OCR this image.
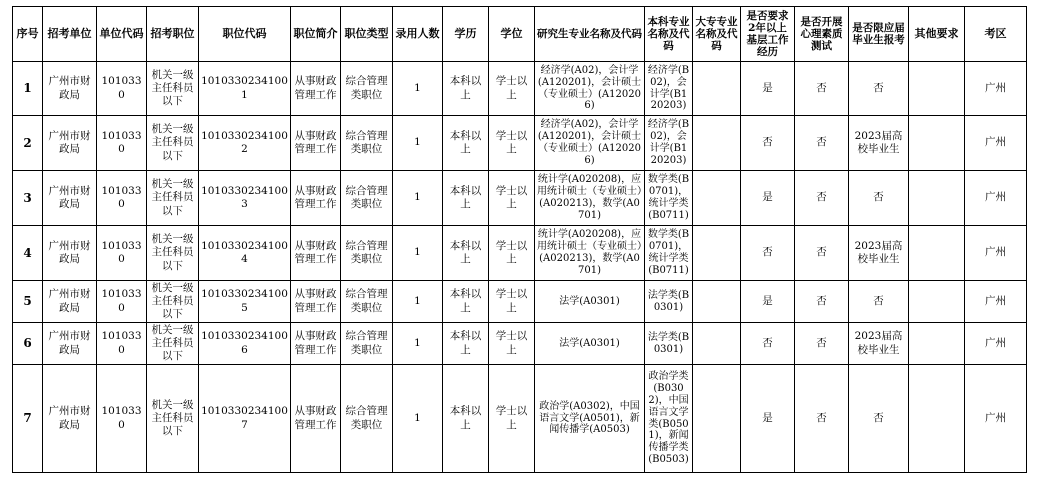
序号	招考单位	单位代码	招考职位	职位代码	职位简介	职位类型	录用人数	学历	学位	研究生专业名称及代码	本科专业名称及代码	大专专业名称及代码	是否要求2年以上基层工作经历	是否开展心理素质测试	是否限应届毕业生报考	其他要求	考区
1	广州市财政局	1010330	机关一级主任科员以下	10103302341001	从事财政管理工作	综合管理类职位	1	本科以上	学士以上	经济学(A02)，会计学(A120201)，会计硕士（专业硕士）(A120206)	经济学(B02)，会计学(B120203)		是	否	否		广州
2	广州市财政局	1010330	机关一级主任科员以下	10103302341002	从事财政管理工作	综合管理类职位	1	本科以上	学士以上	经济学(A02)，会计学(A120201)，会计硕士（专业硕士）(A120206)	经济学(B02)，会计学(B120203)		否	否	2023届高校毕业生		广州
3	广州市财政局	1010330	机关一级主任科员以下	10103302341003	从事财政管理工作	综合管理类职位	1	本科以上	学士以上	统计学(A020208)，应用统计硕士（专业硕士）(A020213)，数学(A0701)	数学类(B0701)，统计学类(B0711)		是	否	否		广州
4	广州市财政局	1010330	机关一级主任科员以下	10103302341004	从事财政管理工作	综合管理类职位	1	本科以上	学士以上	统计学(A020208)，应用统计硕士（专业硕士）(A020213)，数学(A0701)	数学类(B0701)，统计学类(B0711)		否	否	2023届高校毕业生		广州
5	广州市财政局	1010330	机关一级主任科员以下	10103302341005	从事财政管理工作	综合管理类职位	1	本科以上	学士以上	法学(A0301)	法学类(B0301)		是	否	否		广州
6	广州市财政局	1010330	机关一级主任科员以下	10103302341006	从事财政管理工作	综合管理类职位	1	本科以上	学士以上	法学(A0301)	法学类(B0301)		否	否	2023届高校毕业生		广州
7	广州市财政局	1010330	机关一级主任科员以下	10103302341007	从事财政管理工作	综合管理类职位	1	本科以上	学士以上	政治学(A0302)，中国语言文学(A0501)，新闻传播学(A0503)	政治学类(B0302)，中国语言文学类(B0501)，新闻传播学类(B0503)		是	否	否		广州
